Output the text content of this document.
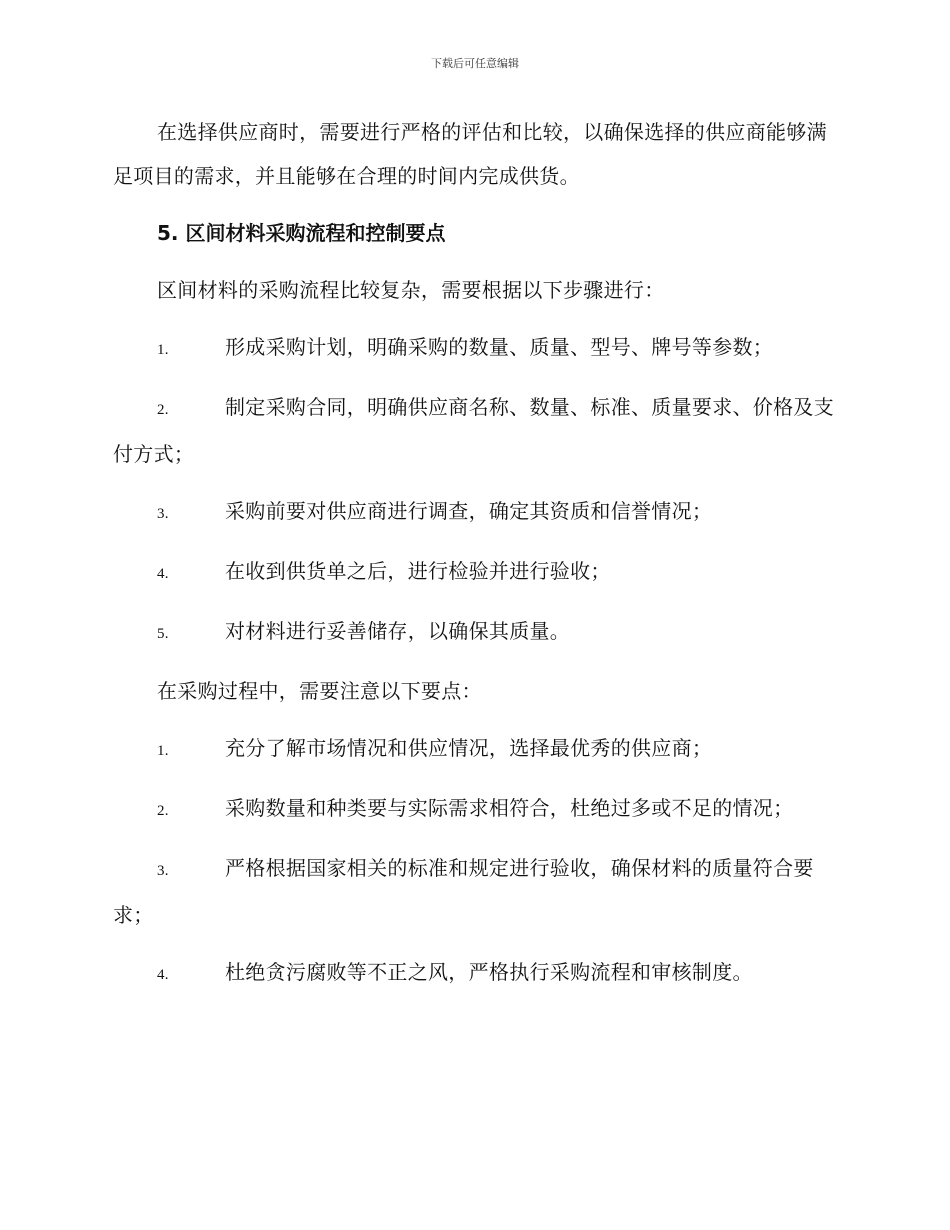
下载后可任意编辑

在选择供应商时，需要进行严格的评估和比较，以确保选择的供应商能够满足项目的需求，并且能够在合理的时间内完成供货。

5. 区间材料采购流程和控制要点

区间材料的采购流程比较复杂，需要根据以下步骤进行：

1.	形成采购计划，明确采购的数量、质量、型号、牌号等参数；

2.	制定采购合同，明确供应商名称、数量、标准、质量要求、价格及支付方式；

3.	采购前要对供应商进行调查，确定其资质和信誉情况；

4.	在收到供货单之后，进行检验并进行验收；

5.	对材料进行妥善储存，以确保其质量。

在采购过程中，需要注意以下要点：

1.	充分了解市场情况和供应情况，选择最优秀的供应商；

2.	采购数量和种类要与实际需求相符合，杜绝过多或不足的情况；

3.	严格根据国家相关的标准和规定进行验收，确保材料的质量符合要求；

4.	杜绝贪污腐败等不正之风，严格执行采购流程和审核制度。
